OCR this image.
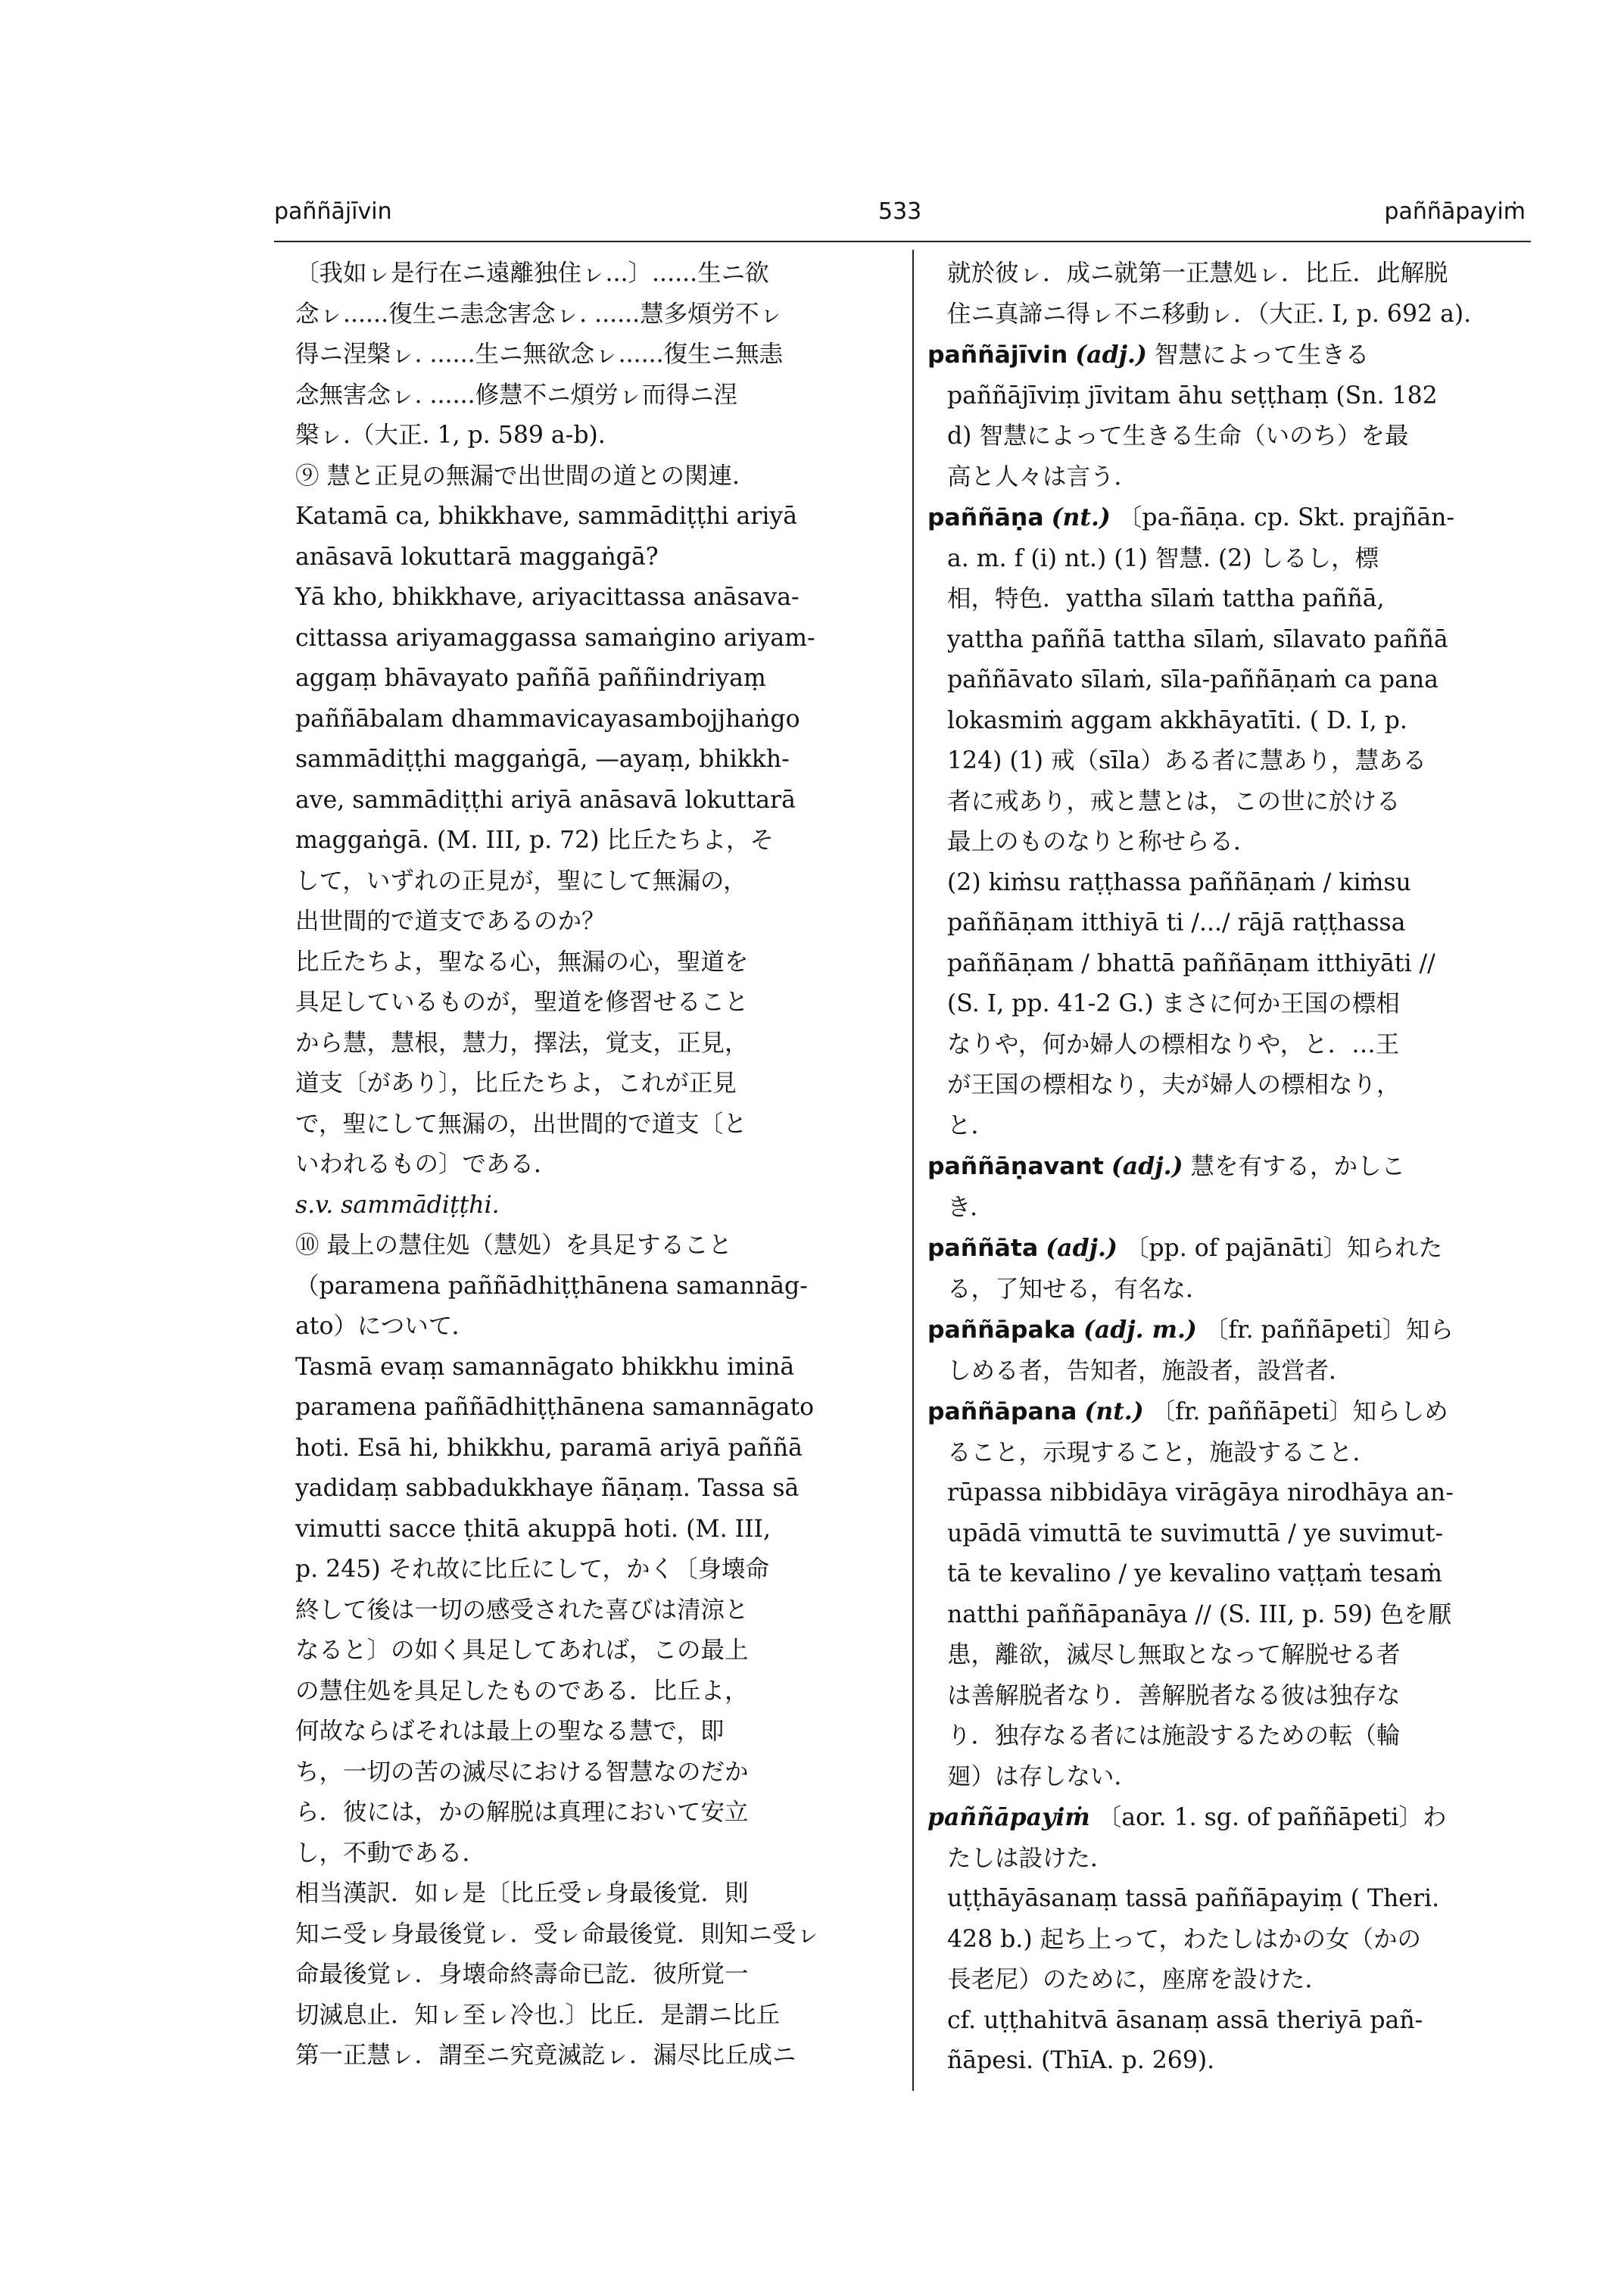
paññājīvin	533	paññāpayiṁ

〔我如ㇾ是行在ニ遠離独住ㇾ...〕......生ニ欲

念ㇾ......復生ニ恚念害念ㇾ. ......慧多煩労不ㇾ

得ニ涅槃ㇾ. ......生ニ無欲念ㇾ......復生ニ無恚

念無害念ㇾ. ......修慧不ニ煩労ㇾ而得ニ涅

槃ㇾ.（大正. 1, p. 589 a-b).

⑨ 慧と正見の無漏で出世間の道との関連.

Katamā ca, bhikkhave, sammādiṭṭhi ariyā

anāsavā lokuttarā maggaṅgā?

Yā kho, bhikkhave, ariyacittassa anāsava-

cittassa ariyamaggassa samaṅgino ariyam-

aggaṃ bhāvayato paññā paññindriyaṃ

paññābalam dhammavicayasambojjhaṅgo

sammādiṭṭhi maggaṅgā, —ayaṃ, bhikkh-

ave, sammādiṭṭhi ariyā anāsavā lokuttarā

maggaṅgā. (M. III, p. 72) 比丘たちよ，そ

して，いずれの正見が，聖にして無漏の，

出世間的で道支であるのか？

比丘たちよ，聖なる心，無漏の心，聖道を

具足しているものが，聖道を修習せること

から慧，慧根，慧力，擇法，覚支，正見，

道支〔があり〕，比丘たちよ，これが正見

で，聖にして無漏の，出世間的で道支〔と

いわれるもの〕である．

s.v. sammādiṭṭhi.

⑩ 最上の慧住処（慧処）を具足すること

（paramena paññādhiṭṭhānena samannāg-

ato）について．

Tasmā evaṃ samannāgato bhikkhu iminā

paramena paññādhiṭṭhānena samannāgato

hoti. Esā hi, bhikkhu, paramā ariyā paññā

yadidaṃ sabbadukkhaye ñāṇaṃ. Tassa sā

vimutti sacce ṭhitā akuppā hoti. (M. III,

p. 245) それ故に比丘にして，かく〔身壊命

終して後は一切の感受された喜びは清涼と

なると〕の如く具足してあれば，この最上

の慧住処を具足したものである．比丘よ，

何故ならばそれは最上の聖なる慧で，即

ち，一切の苦の滅尽における智慧なのだか

ら．彼には，かの解脱は真理において安立

し，不動である．

相当漢訳．如ㇾ是〔比丘受ㇾ身最後覚．則

知ニ受ㇾ身最後覚ㇾ．受ㇾ命最後覚．則知ニ受ㇾ

命最後覚ㇾ．身壊命終壽命已訖．彼所覚一

切滅息止．知ㇾ至ㇾ冷也.〕比丘．是謂ニ比丘

第一正慧ㇾ．謂至ニ究竟滅訖ㇾ．漏尽比丘成ニ

就於彼ㇾ．成ニ就第一正慧処ㇾ．比丘．此解脱

住ニ真諦ニ得ㇾ不ニ移動ㇾ．（大正. I, p. 692 a).

paññājīvin (adj.) 智慧によって生きる

paññājīviṃ jīvitam āhu seṭṭhaṃ (Sn. 182

d) 智慧によって生きる生命（いのち）を最

高と人々は言う．

paññāṇa (nt.) 〔pa-ñāṇa. cp. Skt. prajñān-

a. m. f (i) nt.) (1) 智慧. (2) しるし，標

相，特色．yattha sīlaṁ tattha paññā,

yattha paññā tattha sīlaṁ, sīlavato paññā

paññāvato sīlaṁ, sīla-paññāṇaṁ ca pana

lokasmiṁ aggam akkhāyatīti. ( D. I, p.

124) (1) 戒（sīla）ある者に慧あり，慧ある

者に戒あり，戒と慧とは，この世に於ける

最上のものなりと称せらる．

(2) kiṁsu raṭṭhassa paññāṇaṁ / kiṁsu

paññāṇam itthiyā ti /.../ rājā raṭṭhassa

paññāṇam / bhattā paññāṇam itthiyāti //

(S. I, pp. 41-2 G.) まさに何か王国の標相

なりや，何か婦人の標相なりや，と．…王

が王国の標相なり，夫が婦人の標相なり，

と．

paññāṇavant (adj.) 慧を有する，かしこ

き．

paññāta (adj.) 〔pp. of pajānāti〕知られた

る，了知せる，有名な．

paññāpaka (adj. m.) 〔fr. paññāpeti〕知ら

しめる者，告知者，施設者，設営者．

paññāpana (nt.) 〔fr. paññāpeti〕知らしめ

ること，示現すること，施設すること．

rūpassa nibbidāya virāgāya nirodhāya an-

upādā vimuttā te suvimuttā / ye suvimut-

tā te kevalino / ye kevalino vaṭṭaṁ tesaṁ

natthi paññāpanāya // (S. III, p. 59) 色を厭

患，離欲，滅尽し無取となって解脱せる者

は善解脱者なり．善解脱者なる彼は独存な

り．独存なる者には施設するための転（輪

廻）は存しない．

paññāpayiṁ 〔aor. 1. sg. of paññāpeti〕わ

たしは設けた．

uṭṭhāyāsanaṃ tassā paññāpayiṃ ( Theri.

428 b.) 起ち上って，わたしはかの女（かの

長老尼）のために，座席を設けた．

cf. uṭṭhahitvā āsanaṃ assā theriyā pañ-

ñāpesi. (ThīA. p. 269).
